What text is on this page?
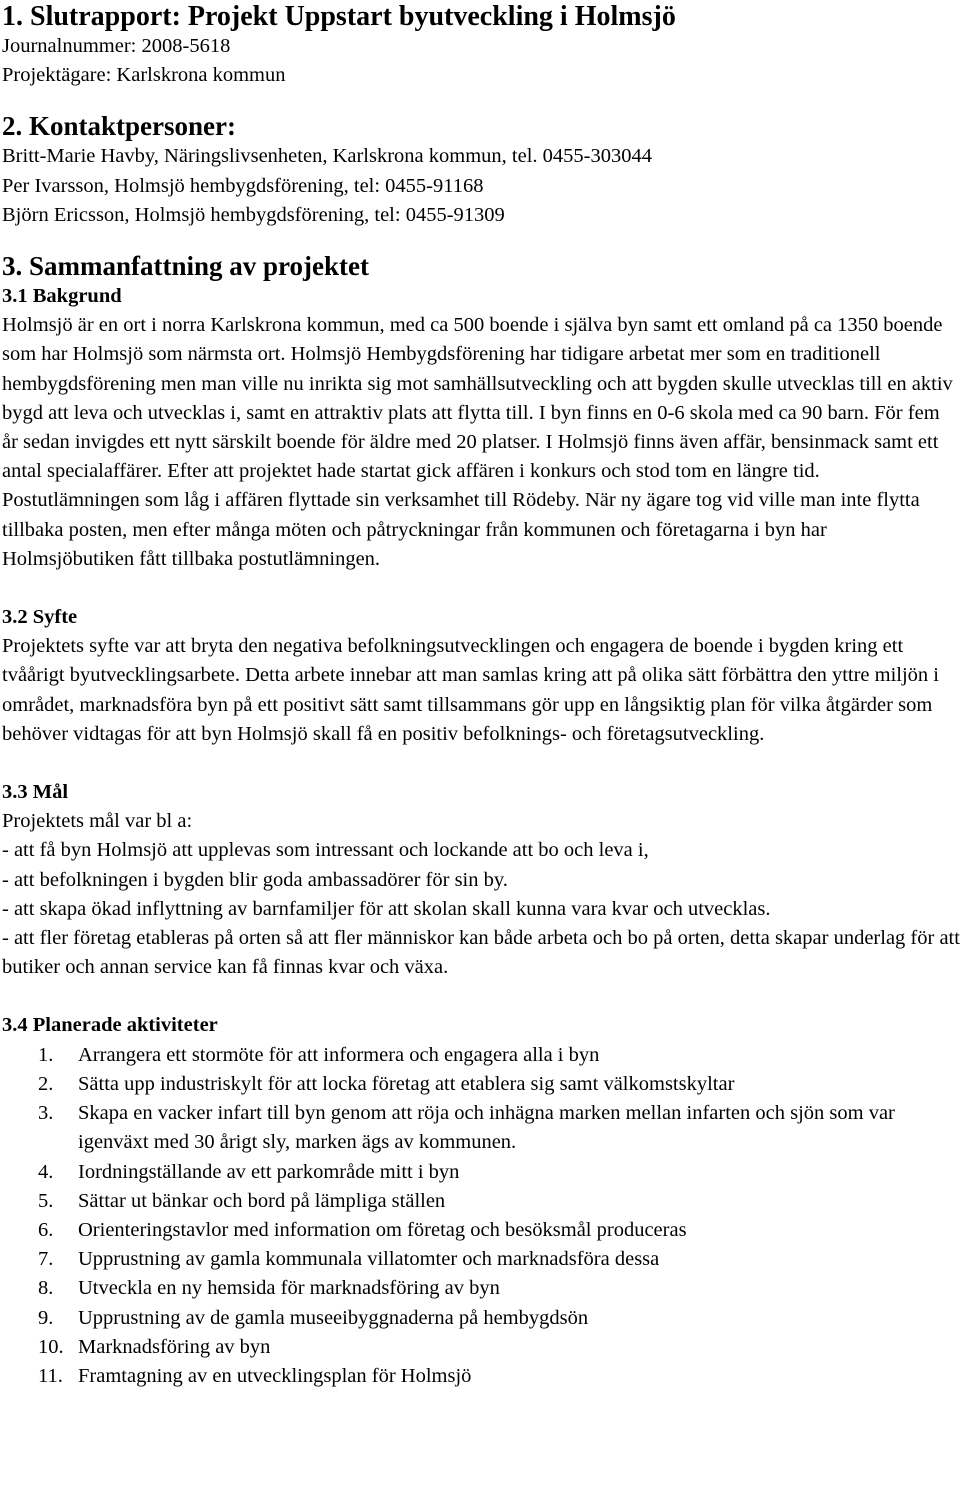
1. Slutrapport: Projekt Uppstart byutveckling i Holmsjö
Journalnummer: 2008-5618
Projektägare: Karlskrona kommun
2. Kontaktpersoner:
Britt-Marie Havby, Näringslivsenheten, Karlskrona kommun, tel. 0455-303044
Per Ivarsson, Holmsjö hembygdsförening, tel: 0455-91168
Björn Ericsson, Holmsjö hembygdsförening, tel: 0455-91309
3. Sammanfattning av projektet
3.1 Bakgrund

Holmsjö är en ort i norra Karlskrona kommun, med ca 500 boende i själva byn samt ett omland på ca 1350 boende som har Holmsjö som närmsta ort. Holmsjö Hembygdsförening har tidigare arbetat mer som en traditionell hembygdsförening men man ville nu inrikta sig mot samhällsutveckling och att bygden skulle utvecklas till en aktiv bygd att leva och utvecklas i, samt en attraktiv plats att flytta till. I byn finns en 0-6 skola med ca 90 barn. För fem år sedan invigdes ett nytt särskilt boende för äldre med 20 platser. I Holmsjö finns även affär, bensinmack samt ett antal specialaffärer. Efter att projektet hade startat gick affären i konkurs och stod tom en längre tid. Postutlämningen som låg i affären flyttade sin verksamhet till Rödeby. När ny ägare tog vid ville man inte flytta tillbaka posten, men efter många möten och påtryckningar från kommunen och företagarna i byn har Holmsjöbutiken fått tillbaka postutlämningen.

3.2 Syfte

Projektets syfte var att bryta den negativa befolkningsutvecklingen och engagera de boende i bygden kring ett tvåårigt byutvecklingsarbete. Detta arbete innebar att man samlas kring att på olika sätt förbättra den yttre miljön i området, marknadsföra byn på ett positivt sätt samt tillsammans gör upp en långsiktig plan för vilka åtgärder som behöver vidtagas för att byn Holmsjö skall få en positiv befolknings- och företagsutveckling.

3.3 Mål
Projektets mål var bl a:
- att få byn Holmsjö att upplevas som intressant och lockande att bo och leva i,
- att befolkningen i bygden blir goda ambassadörer för sin by.
- att skapa ökad inflyttning av barnfamiljer för att skolan skall kunna vara kvar och utvecklas.
- att fler företag etableras på orten så att fler människor kan både arbeta och bo på orten, detta skapar underlag för att butiker och annan service kan få finnas kvar och växa.
3.4 Planerade aktiviteter
1.	Arrangera ett stormöte för att informera och engagera alla i byn
2.	Sätta upp industriskylt för att locka företag att etablera sig samt välkomstskyltar
3.	Skapa en vacker infart till byn genom att röja och inhägna marken mellan infarten och sjön som var igenväxt med 30 årigt sly, marken ägs av kommunen.
4.	Iordningställande av ett parkområde mitt i byn
5.	Sättar ut bänkar och bord på lämpliga ställen
6.	Orienteringstavlor med information om företag och besöksmål produceras
7.	Upprustning av gamla kommunala villatomter och marknadsföra dessa
8.	Utveckla en ny hemsida för marknadsföring av byn
9.	Upprustning av de gamla museeibyggnaderna på hembygdsön
10. Marknadsföring av byn
11. Framtagning av en utvecklingsplan för Holmsjö
